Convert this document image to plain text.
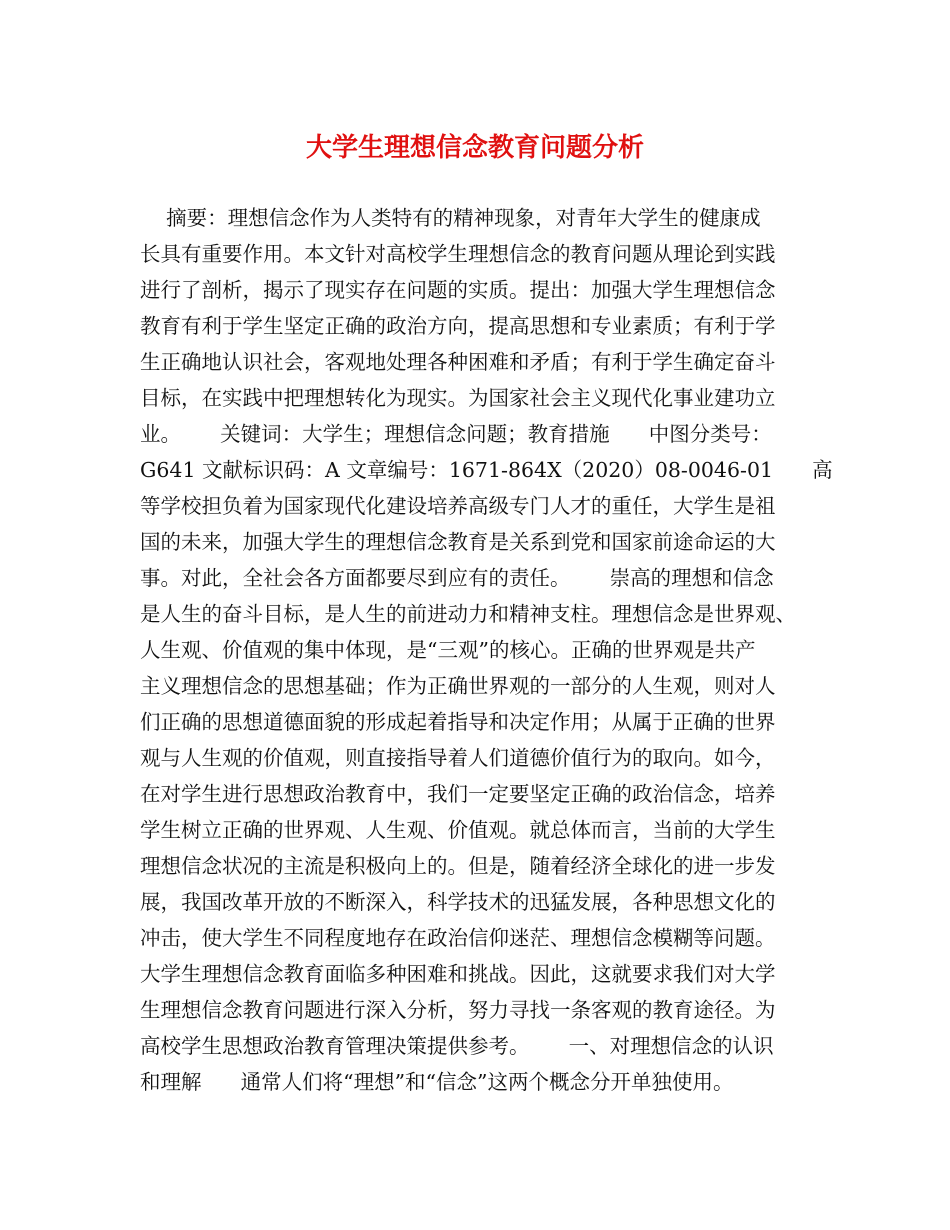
大学生理想信念教育问题分析
摘要：理想信念作为人类特有的精神现象，对青年大学生的健康成
长具有重要作用。本文针对高校学生理想信念的教育问题从理论到实践
进行了剖析，揭示了现实存在问题的实质。提出：加强大学生理想信念
教育有利于学生坚定正确的政治方向，提高思想和专业素质；有利于学
生正确地认识社会，客观地处理各种困难和矛盾；有利于学生确定奋斗
目标，在实践中把理想转化为现实。为国家社会主义现代化事业建功立
业。      关键词：大学生；理想信念问题；教育措施      中图分类号：
G641 文献标识码：A 文章编号：1671-864X（2020）08-0046-01      高
等学校担负着为国家现代化建设培养高级专门人才的重任，大学生是祖
国的未来，加强大学生的理想信念教育是关系到党和国家前途命运的大
事。对此，全社会各方面都要尽到应有的责任。      崇高的理想和信念
是人生的奋斗目标，是人生的前进动力和精神支柱。理想信念是世界观、
人生观、价值观的集中体现，是“三观”的核心。正确的世界观是共产
主义理想信念的思想基础；作为正确世界观的一部分的人生观，则对人
们正确的思想道德面貌的形成起着指导和决定作用；从属于正确的世界
观与人生观的价值观，则直接指导着人们道德价值行为的取向。如今，
在对学生进行思想政治教育中，我们一定要坚定正确的政治信念，培养
学生树立正确的世界观、人生观、价值观。就总体而言，当前的大学生
理想信念状况的主流是积极向上的。但是，随着经济全球化的进一步发
展，我国改革开放的不断深入，科学技术的迅猛发展，各种思想文化的
冲击，使大学生不同程度地存在政治信仰迷茫、理想信念模糊等问题。
大学生理想信念教育面临多种困难和挑战。因此，这就要求我们对大学
生理想信念教育问题进行深入分析，努力寻找一条客观的教育途径。为
高校学生思想政治教育管理决策提供参考。      一、对理想信念的认识
和理解      通常人们将“理想”和“信念”这两个概念分开单独使用。
